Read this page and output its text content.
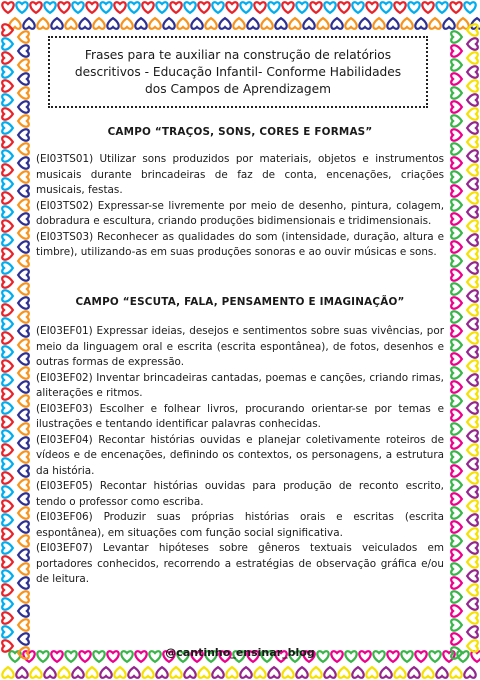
Frases para te auxiliar na construção de relatórios descritivos - Educação Infantil- Conforme Habilidades dos Campos de Aprendizagem
CAMPO “TRAÇOS, SONS, CORES E FORMAS”

(EI03TS01) Utilizar sons produzidos por materiais, objetos e instrumentos musicais durante brincadeiras de faz de conta, encenações, criações musicais, festas.

(EI03TS02) Expressar-se livremente por meio de desenho, pintura, colagem, dobradura e escultura, criando produções bidimensionais e tridimensionais.

(EI03TS03) Reconhecer as qualidades do som (intensidade, duração, altura e timbre), utilizando-as em suas produções sonoras e ao ouvir músicas e sons.

CAMPO “ESCUTA, FALA, PENSAMENTO E IMAGINAÇÃO”

(EI03EF01) Expressar ideias, desejos e sentimentos sobre suas vivências, por meio da linguagem oral e escrita (escrita espontânea), de fotos, desenhos e outras formas de expressão.

(EI03EF02) Inventar brincadeiras cantadas, poemas e canções, criando rimas, aliterações e ritmos.

(EI03EF03) Escolher e folhear livros, procurando orientar-se por temas e ilustrações e tentando identificar palavras conhecidas.

(EI03EF04) Recontar histórias ouvidas e planejar coletivamente roteiros de vídeos e de encenações, definindo os contextos, os personagens, a estrutura da história.

(EI03EF05) Recontar histórias ouvidas para produção de reconto escrito, tendo o professor como escriba.

(EI03EF06) Produzir suas próprias histórias orais e escritas (escrita espontânea), em situações com função social significativa.

(EI03EF07) Levantar hipóteses sobre gêneros textuais veiculados em portadores conhecidos, recorrendo a estratégias de observação gráfica e/ou de leitura.

@cantinho_ensinar_blog
